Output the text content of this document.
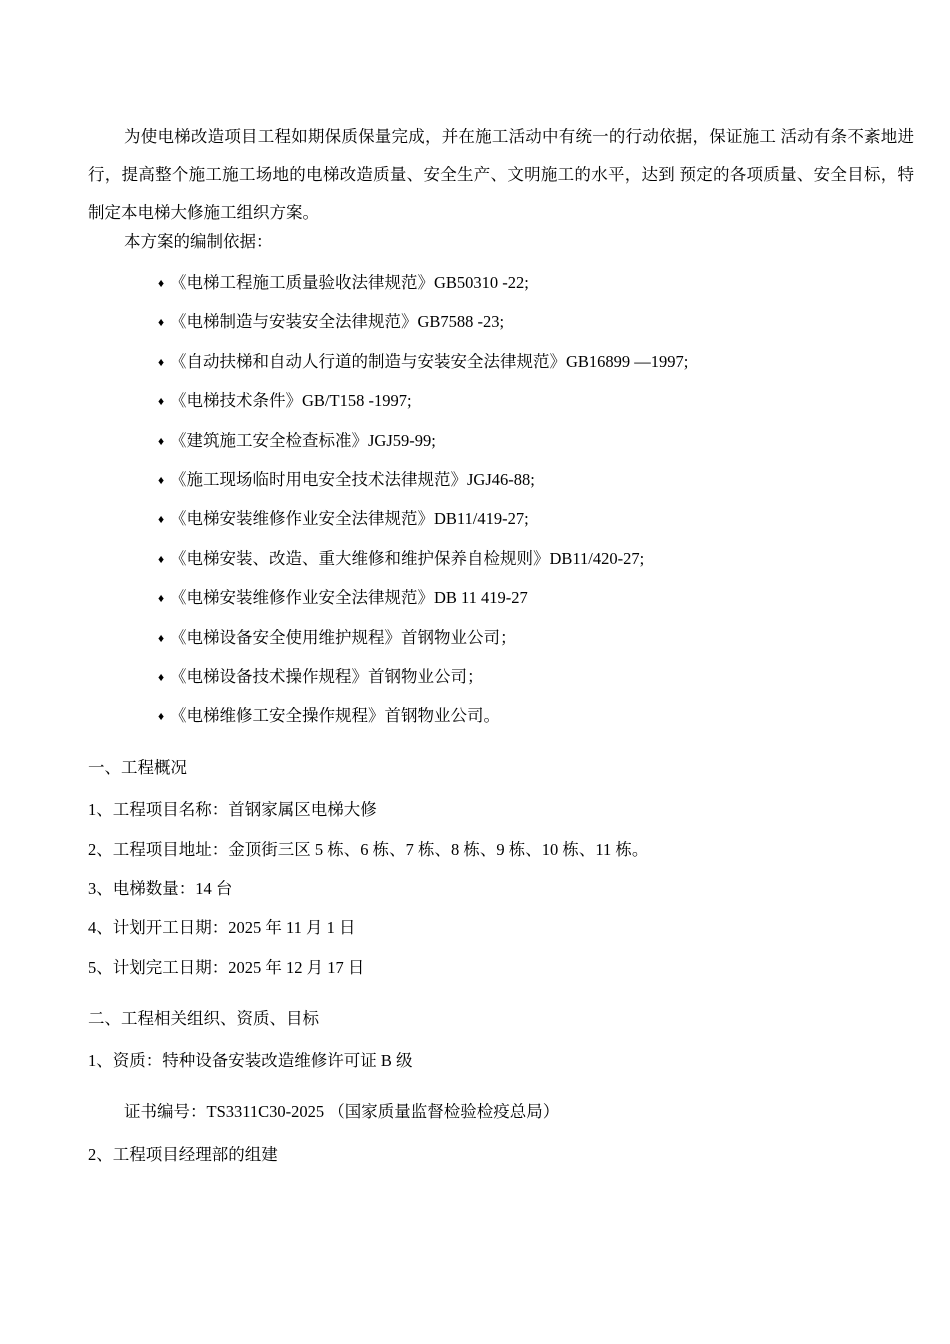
为使电梯改造项目工程如期保质保量完成，并在施工活动中有统一的行动依据，保证施工 活动有条不紊地进行，提高整个施工施工场地的电梯改造质量、安全生产、文明施工的水平，达到 预定的各项质量、安全目标，特制定本电梯大修施工组织方案。

本方案的编制依据：

♦ 《电梯工程施工质量验收法律规范》GB50310 -22;
♦ 《电梯制造与安装安全法律规范》GB7588 -23;
♦ 《自动扶梯和自动人行道的制造与安装安全法律规范》GB16899 —1997;
♦ 《电梯技术条件》GB/T158 -1997;
♦ 《建筑施工安全检查标准》JGJ59-99;
♦ 《施工现场临时用电安全技术法律规范》JGJ46-88;
♦ 《电梯安装维修作业安全法律规范》DB11/419-27;
♦ 《电梯安装、改造、重大维修和维护保养自检规则》DB11/420-27;
♦ 《电梯安装维修作业安全法律规范》DB 11 419-27
♦ 《电梯设备安全使用维护规程》首钢物业公司；
♦ 《电梯设备技术操作规程》首钢物业公司；
♦ 《电梯维修工安全操作规程》首钢物业公司。

一、工程概况

1、工程项目名称：首钢家属区电梯大修

2、工程项目地址：金顶街三区 5 栋、6 栋、7 栋、8 栋、9 栋、10 栋、11 栋。

3、电梯数量：14 台

4、计划开工日期：2025 年 11 月 1 日

5、计划完工日期：2025 年 12 月 17 日

二、工程相关组织、资质、目标

1、资质：特种设备安装改造维修许可证 B 级

证书编号：TS3311C30-2025 （国家质量监督检验检疫总局）

2、工程项目经理部的组建
